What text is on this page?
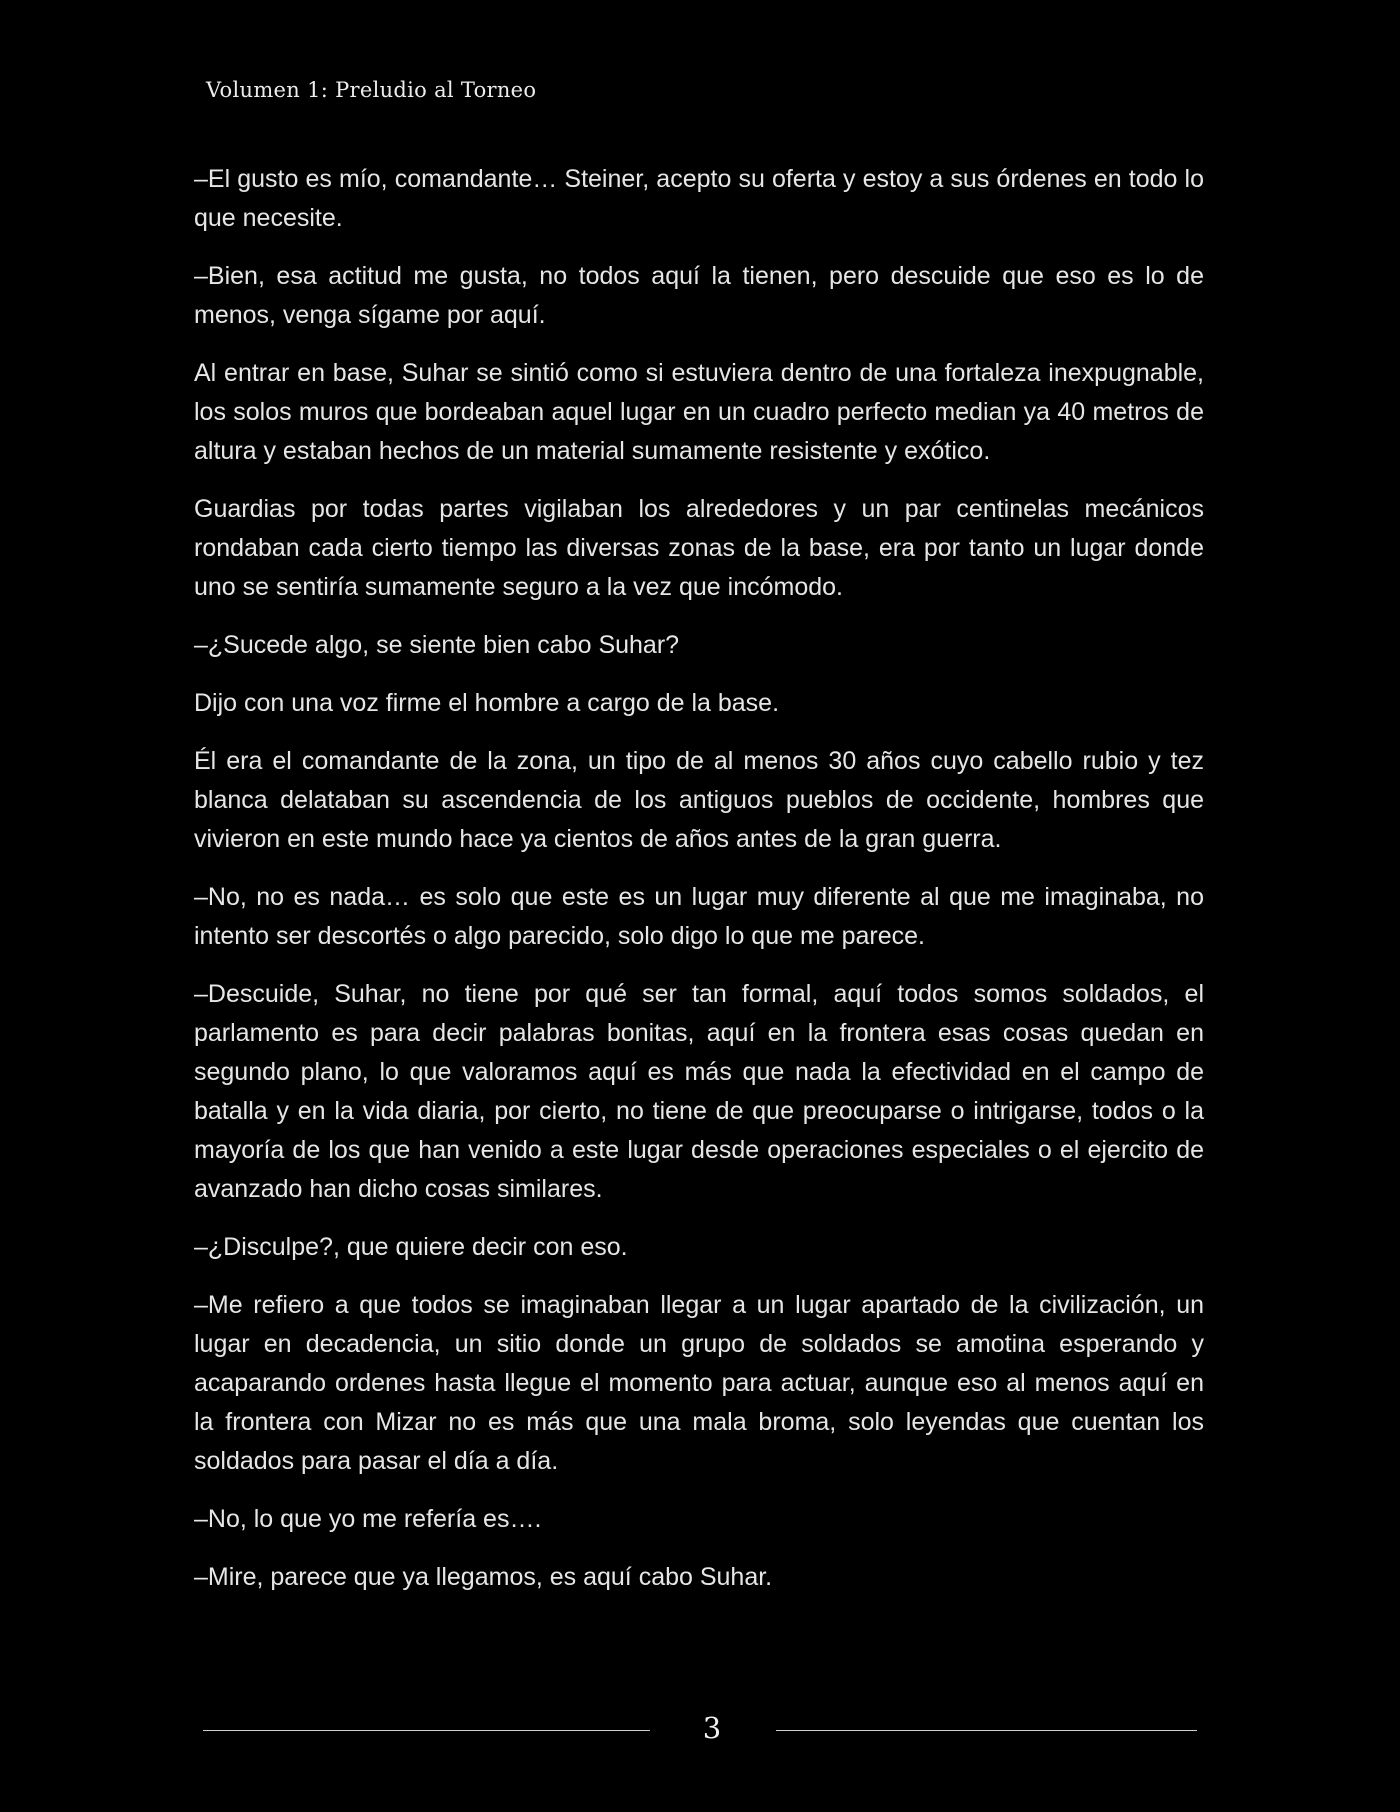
Volumen 1: Preludio al Torneo

–El gusto es mío, comandante… Steiner, acepto su oferta y estoy a sus órdenes en todo lo que necesite.

–Bien, esa actitud me gusta, no todos aquí la tienen, pero descuide que eso es lo de menos, venga sígame por aquí.

Al entrar en base, Suhar se sintió como si estuviera dentro de una fortaleza inexpugnable, los solos muros que bordeaban aquel lugar en un cuadro perfecto median ya 40 metros de altura y estaban hechos de un material sumamente resistente y exótico.

Guardias por todas partes vigilaban los alrededores y un par centinelas mecánicos rondaban cada cierto tiempo las diversas zonas de la base, era por tanto un lugar donde uno se sentiría sumamente seguro a la vez que incómodo.

–¿Sucede algo, se siente bien cabo Suhar?

Dijo con una voz firme el hombre a cargo de la base.

Él era el comandante de la zona, un tipo de al menos 30 años cuyo cabello rubio y tez blanca delataban su ascendencia de los antiguos pueblos de occidente, hombres que vivieron en este mundo hace ya cientos de años antes de la gran guerra.

–No, no es nada… es solo que este es un lugar muy diferente al que me imaginaba, no intento ser descortés o algo parecido, solo digo lo que me parece.

–Descuide, Suhar, no tiene por qué ser tan formal, aquí todos somos soldados, el parlamento es para decir palabras bonitas, aquí en la frontera esas cosas quedan en segundo plano, lo que valoramos aquí es más que nada la efectividad en el campo de batalla y en la vida diaria, por cierto, no tiene de que preocuparse o intrigarse, todos o la mayoría de los que han venido a este lugar desde operaciones especiales o el ejercito de avanzado han dicho cosas similares.

–¿Disculpe?, que quiere decir con eso.

–Me refiero a que todos se imaginaban llegar a un lugar apartado de la civilización, un lugar en decadencia, un sitio donde un grupo de soldados se amotina esperando y acaparando ordenes hasta llegue el momento para actuar, aunque eso al menos aquí en la frontera con Mizar no es más que una mala broma, solo leyendas que cuentan los soldados para pasar el día a día.

–No, lo que yo me refería es….

–Mire, parece que ya llegamos, es aquí cabo Suhar.

3
